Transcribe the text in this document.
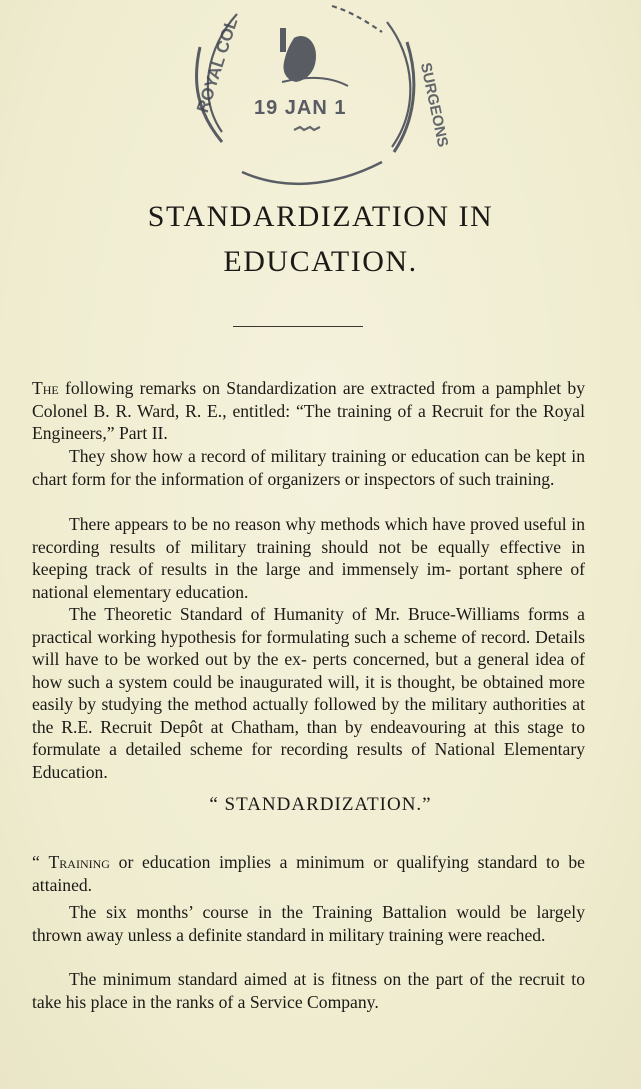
ROYAL COL	SURGEONS
19 JAN 1
STANDARDIZATION IN
EDUCATION.

The following remarks on Standardization are extracted from a pamphlet by Colonel B. R. Ward, R. E., entitled: “The training of a Recruit for the Royal Engineers,” Part II.

They show how a record of military training or education can be kept in chart form for the information of organizers or inspectors of such training.

There appears to be no reason why methods which have proved useful in recording results of military training should not be equally effective in keeping track of results in the large and immensely im- portant sphere of national elementary education.

The Theoretic Standard of Humanity of Mr. Bruce-Williams forms a practical working hypothesis for formulating such a scheme of record. Details will have to be worked out by the ex- perts concerned, but a general idea of how such a system could be inaugurated will, it is thought, be obtained more easily by studying the method actually followed by the military authorities at the R.E. Recruit Depôt at Chatham, than by endeavouring at this stage to formulate a detailed scheme for recording results of National Elementary Education.

“ STANDARDIZATION.”

“ Training or education implies a minimum or qualifying standard to be attained.

The six months’ course in the Training Battalion would be largely thrown away unless a definite standard in military training were reached.

The minimum standard aimed at is fitness on the part of the recruit to take his place in the ranks of a Service Company.
